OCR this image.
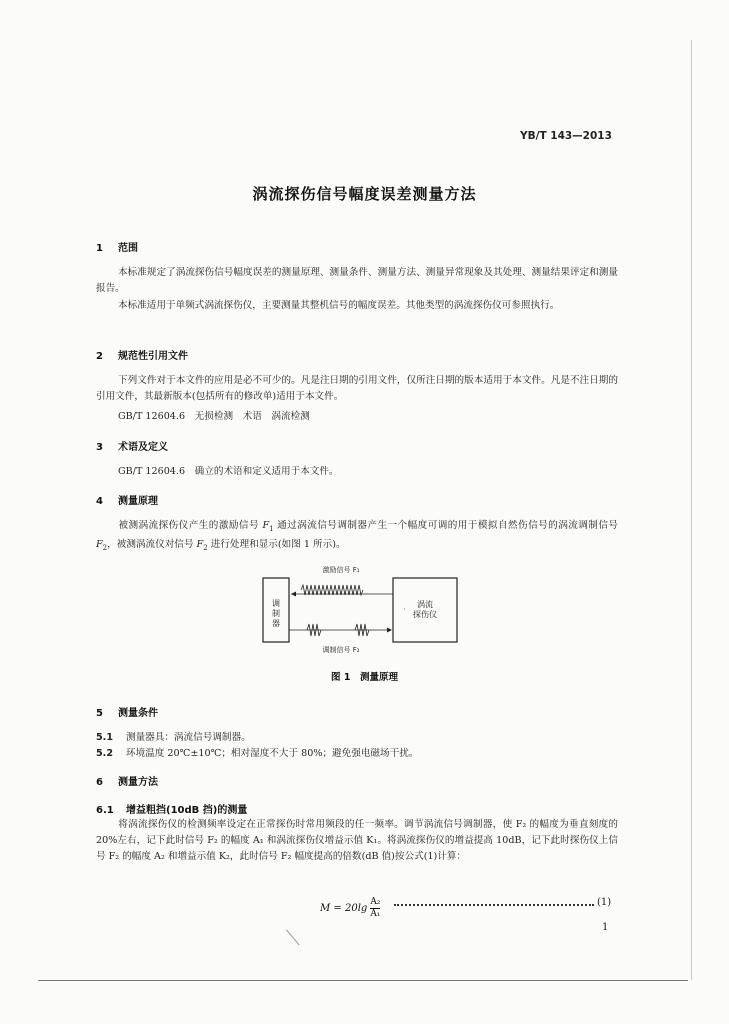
YB/T 143—2013
涡流探伤信号幅度误差测量方法
1 范围
本标准规定了涡流探伤信号幅度误差的测量原理、测量条件、测量方法、测量异常现象及其处理、测量结果评定和测量报告。
本标准适用于单频式涡流探伤仪，主要测量其整机信号的幅度误差。其他类型的涡流探伤仪可参照执行。
2 规范性引用文件
下列文件对于本文件的应用是必不可少的。凡是注日期的引用文件，仅所注日期的版本适用于本文件。凡是不注日期的引用文件，其最新版本(包括所有的修改单)适用于本文件。
GB/T 12604.6　无损检测　术语　涡流检测
3 术语及定义
GB/T 12604.6　确立的术语和定义适用于本文件。
4 测量原理
被测涡流探伤仪产生的激励信号 $F_1$ 通过涡流信号调制器产生一个幅度可调的用于模拟自然伤信号的涡流调制信号 $F_2$，被测涡流仪对信号 $F_2$ 进行处理和显示(如图 1 所示)。
调制器
涡流
探伤仪
激励信号 F₁
调制信号 F₂
·
图 1　测量原理
5 测量条件
5.1 测量器具：涡流信号调制器。
5.2 环境温度 20℃±10℃；相对湿度不大于 80%；避免强电磁场干扰。
6 测量方法
6.1 增益粗挡(10dB 挡)的测量
将涡流探伤仪的检测频率设定在正常探伤时常用频段的任一频率。调节涡流信号调制器，使 F₂ 的幅度为垂直刻度的 20%左右，记下此时信号 F₂ 的幅度 A₁ 和涡流探伤仪增益示值 K₁。将涡流探伤仪的增益提高 10dB，记下此时探伤仪上信号 F₂ 的幅度 A₂ 和增益示值 K₂，此时信号 F₂ 幅度提高的倍数(dB 值)按公式(1)计算：
$M = 20\lg \frac{\text{A₂}}{\text{A₁}}$	(1)
1
